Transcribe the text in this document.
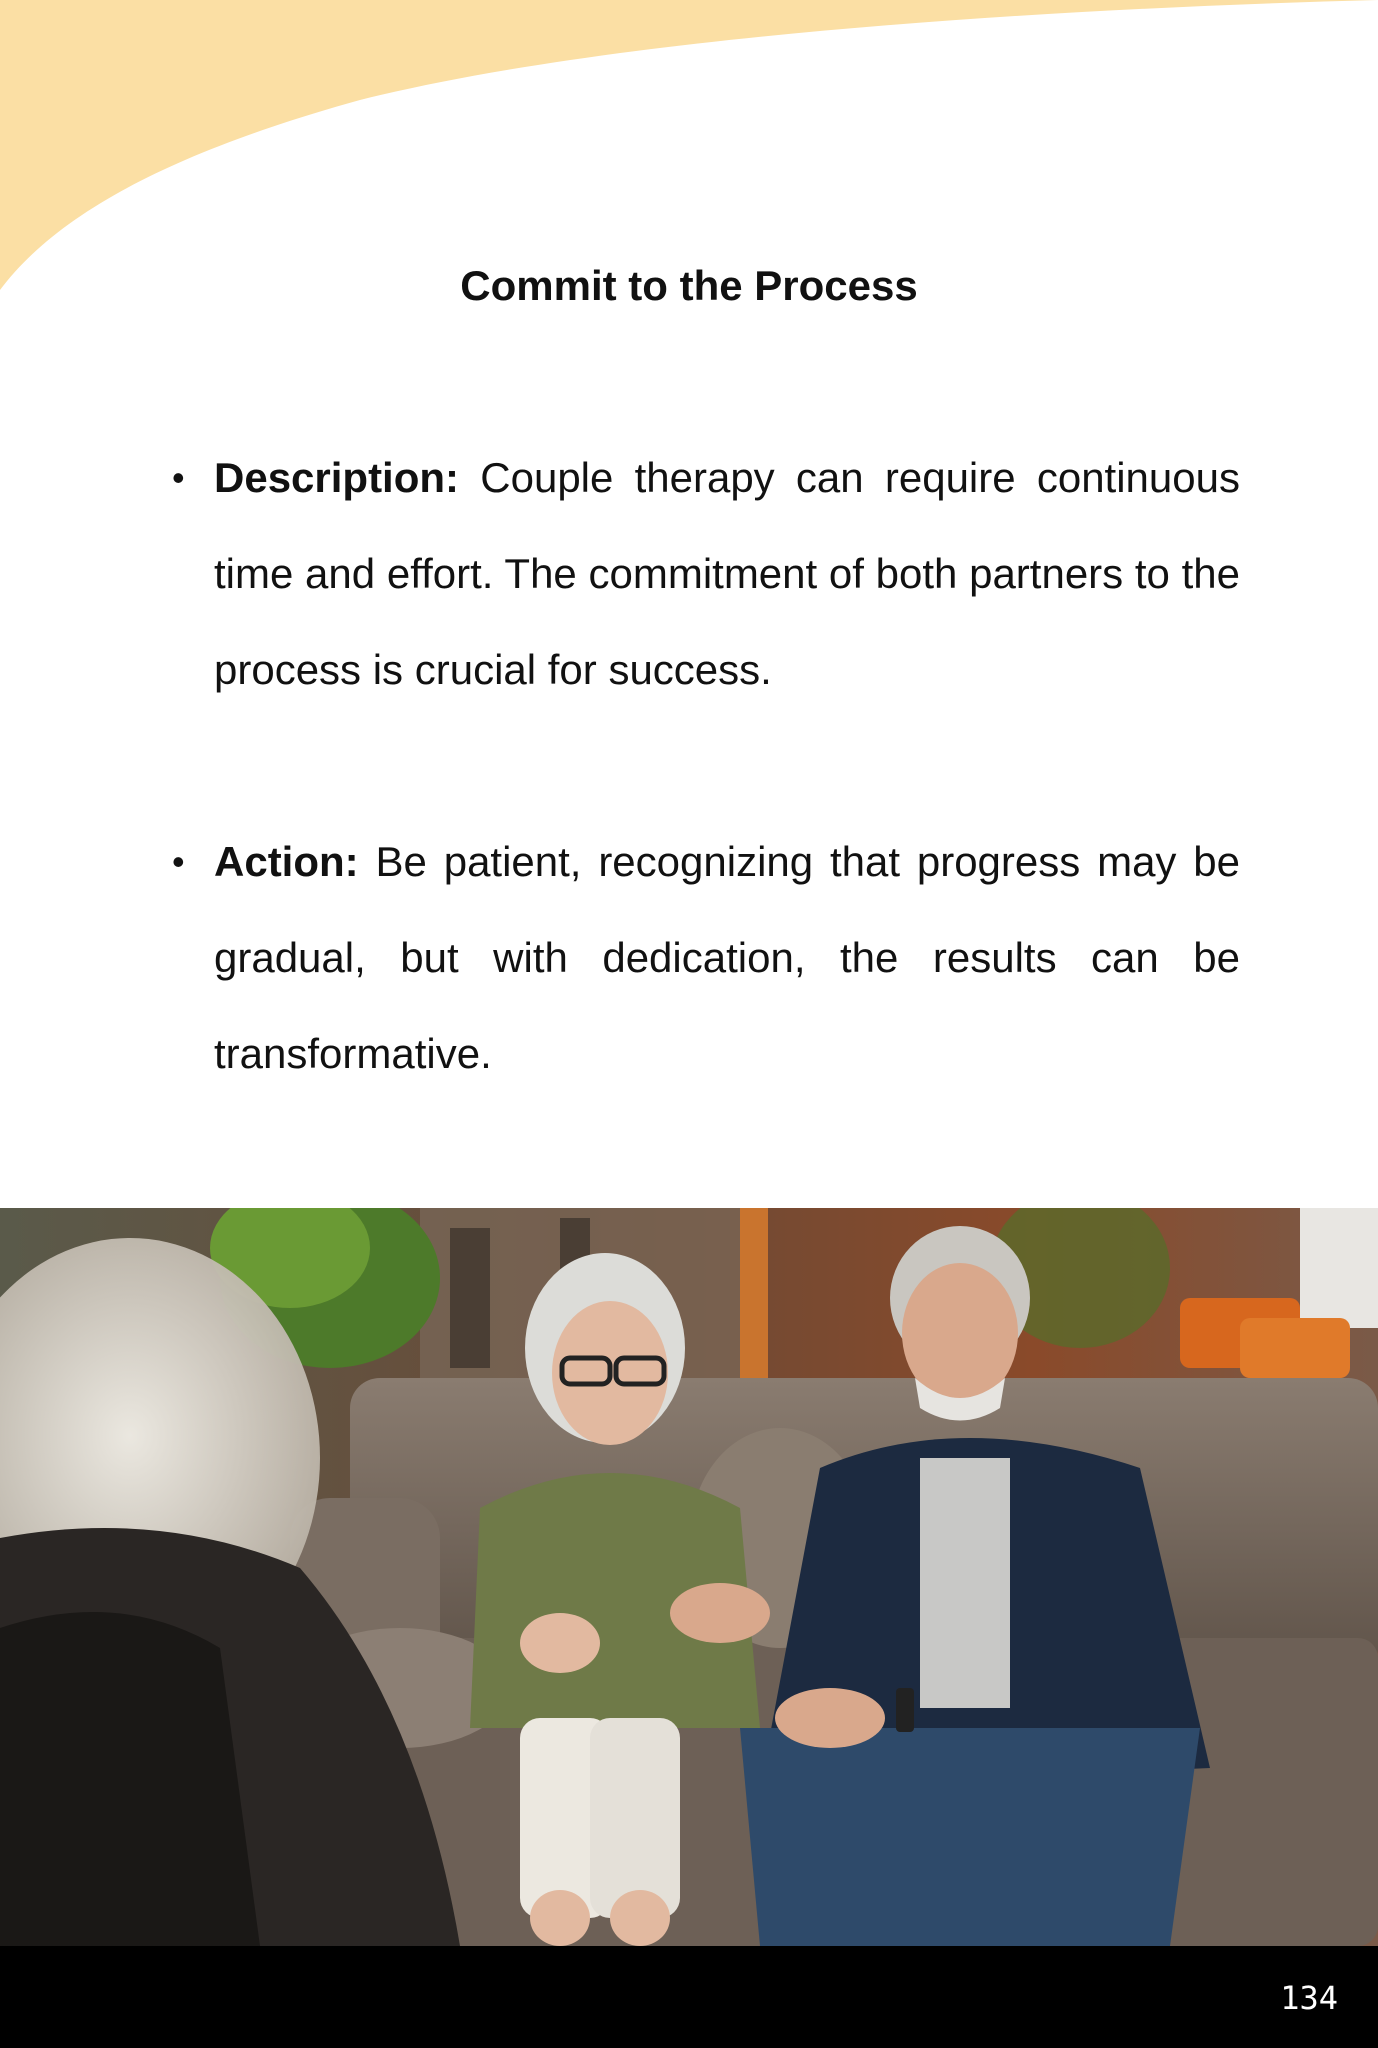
Commit to the Process

• Description: Couple therapy can require continuous time and effort. The commitment of both partners to the process is crucial for success.

• Action: Be patient, recognizing that progress may be gradual, but with dedication, the results can be transformative.

134
